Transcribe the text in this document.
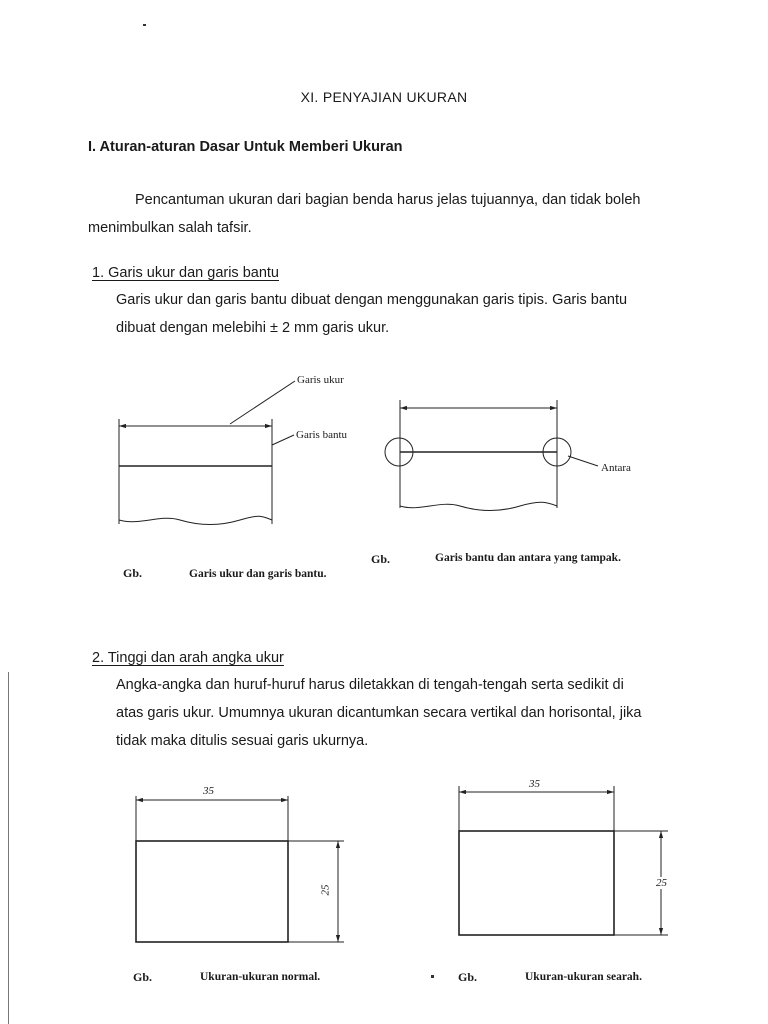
XI. PENYAJIAN UKURAN
I. Aturan-aturan Dasar Untuk Memberi Ukuran
Pencantuman ukuran dari bagian benda harus jelas tujuannya, dan tidak boleh
menimbulkan salah tafsir.
1. Garis ukur dan garis bantu
Garis ukur dan garis bantu dibuat dengan menggunakan garis tipis. Garis bantu
dibuat dengan melebihi ± 2 mm garis ukur.
2. Tinggi dan arah angka ukur
Angka-angka dan huruf-huruf harus diletakkan di tengah-tengah serta sedikit di
atas garis ukur. Umumnya ukuran dicantumkan secara vertikal dan horisontal, jika
tidak maka ditulis sesuai garis ukurnya.
Garis ukur
Garis bantu
Antara
Gb.	Garis ukur dan garis bantu.
Gb.	Garis bantu dan antara yang tampak.
35
25
35
25
Gb.	Ukuran-ukuran normal.	Gb.	Ukuran-ukuran searah.
